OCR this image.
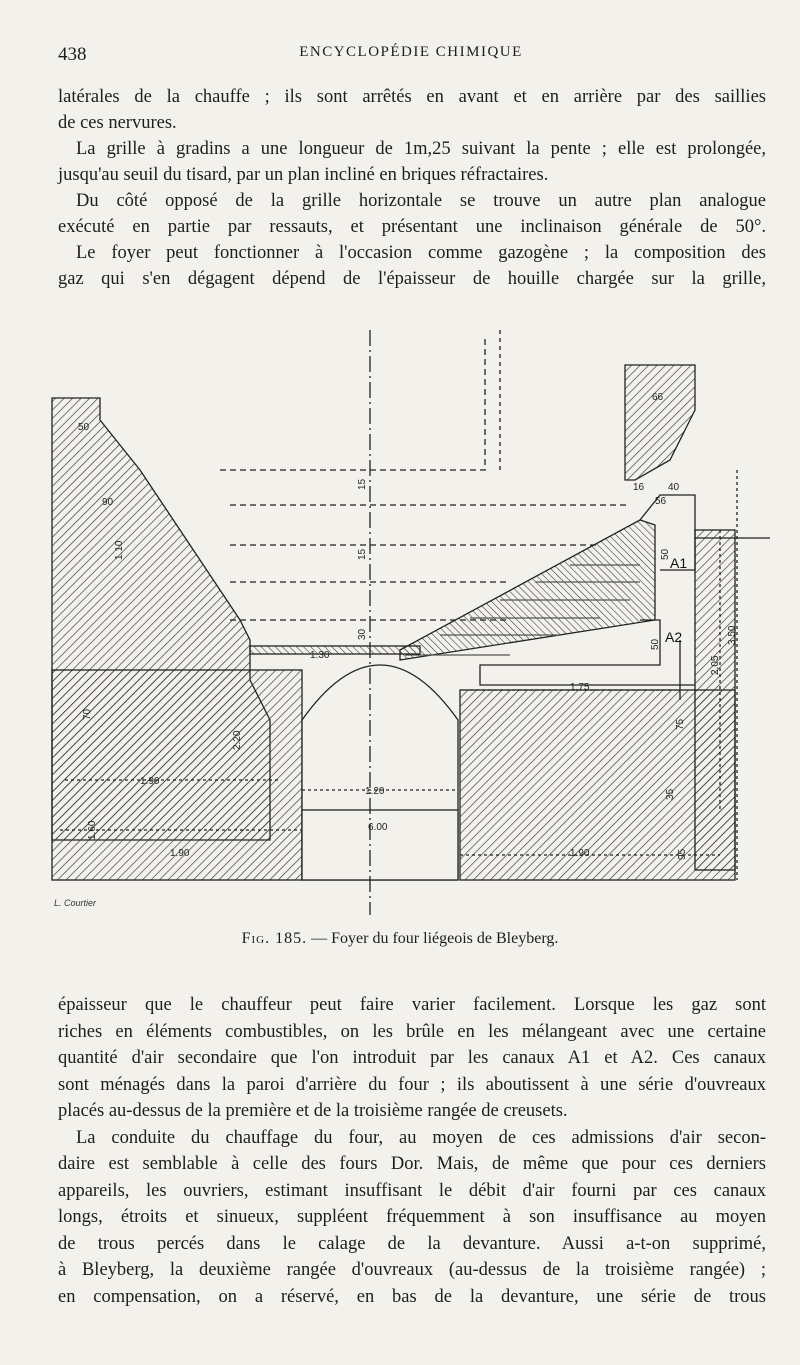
438	ENCYCLOPÉDIE CHIMIQUE
latérales de la chauffe ; ils sont arrêtés en avant et en arrière par des saillies
de ces nervures.
La grille à gradins a une longueur de 1m,25 suivant la pente ; elle est prolongée,
jusqu'au seuil du tisard, par un plan incliné en briques réfractaires.
Du côté opposé de la grille horizontale se trouve un autre plan analogue
exécuté en partie par ressauts, et présentant une inclinaison générale de 50°.
Le foyer peut fonctionner à l'occasion comme gazogène ; la composition des
gaz qui s'en dégagent dépend de l'épaisseur de houille chargée sur la grille,
50
90
1.10
1.30
15
15
30
1.75
70
2.20
1.90
1.20
6.00
1.60
1.90	1.90
66
16 40
56
50
50	3.50
2.05
75
35
95
A1
A2
L. Courtier
Fig. 185. — Foyer du four liégeois de Bleyberg.
épaisseur que le chauffeur peut faire varier facilement. Lorsque les gaz sont
riches en éléments combustibles, on les brûle en les mélangeant avec une certaine
quantité d'air secondaire que l'on introduit par les canaux A1 et A2. Ces canaux
sont ménagés dans la paroi d'arrière du four ; ils aboutissent à une série d'ouvreaux
placés au-dessus de la première et de la troisième rangée de creusets.
La conduite du chauffage du four, au moyen de ces admissions d'air secon-
daire est semblable à celle des fours Dor. Mais, de même que pour ces derniers
appareils, les ouvriers, estimant insuffisant le débit d'air fourni par ces canaux
longs, étroits et sinueux, suppléent fréquemment à son insuffisance au moyen
de trous percés dans le calage de la devanture. Aussi a-t-on supprimé,
à Bleyberg, la deuxième rangée d'ouvreaux (au-dessus de la troisième rangée) ;
en compensation, on a réservé, en bas de la devanture, une série de trous
